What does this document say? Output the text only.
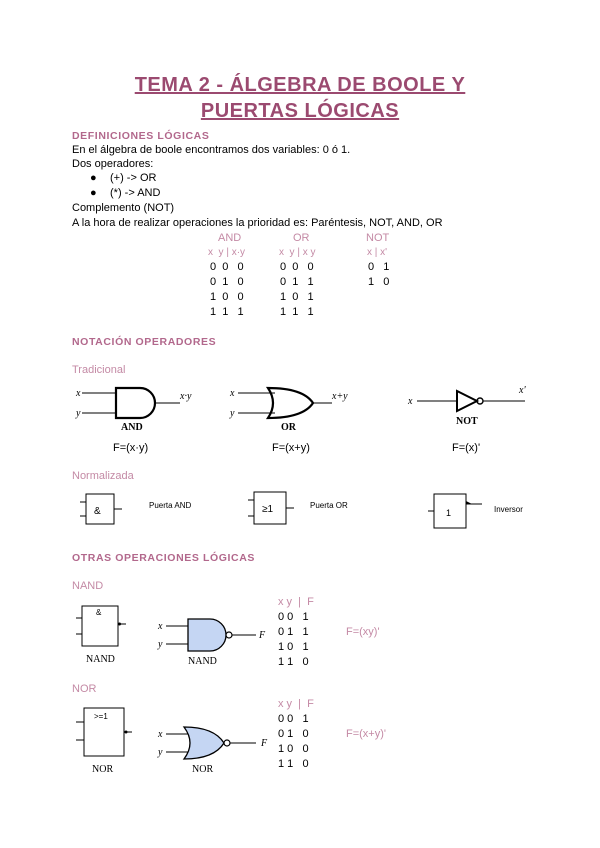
TEMA 2 - ÁLGEBRA DE BOOLE Y
PUERTAS LÓGICAS
DEFINICIONES LÓGICAS
En el álgebra de boole encontramos dos variables: 0 ó 1.
Dos operadores:
● (+) -> OR
● (*) -> AND
Complemento (NOT)
A la hora de realizar operaciones la prioridad es: Paréntesis, NOT, AND, OR
AND
x  y | x·y
0  0   0
0  1   0
1  0   0
1  1   1
OR
x  y | x y
0  0   0
0  1   1
1  0   1
1  1   1
NOT
x | x'
0   1
1   0
NOTACIÓN OPERADORES
Tradicional
x
y
x·y
AND
F=(x·y)
x
y
x+y
OR
F=(x+y)
x
x'
NOT
F=(x)'
Normalizada
&
Puerta AND	≥1	Puerta OR
1	Inversor
OTRAS OPERACIONES LÓGICAS
NAND
&
NAND
x
y
F
NAND
x y  |  F
0 0   1
0 1   1
1 0   1
1 1   0
F=(xy)'
NOR
>=1
NOR
x
y
F
NOR
x y  |  F
0 0   1
0 1   0
1 0   0
1 1   0
F=(x+y)'
